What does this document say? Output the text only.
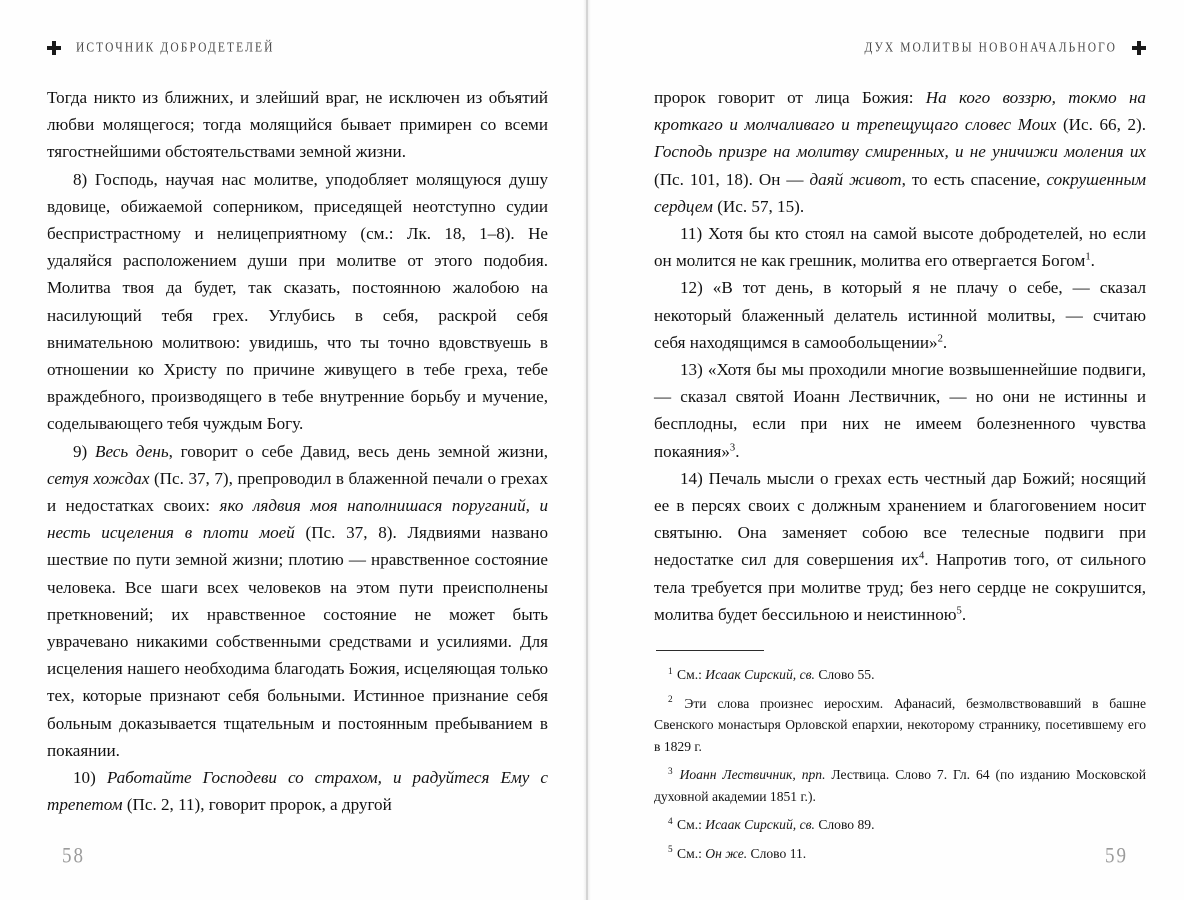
ИСТОЧНИК ДОБРОДЕТЕЛЕЙ

Тогда никто из ближних, и злейший враг, не исключен из объятий любви молящегося; тогда молящийся бывает примирен со всеми тягостнейшими обстоятельствами земной жизни.

8) Господь, научая нас молитве, уподобляет молящуюся душу вдовице, обижаемой соперником, приседящей неотступно судии беспристрастному и нелицеприятному (см.: Лк. 18, 1–8). Не удаляйся расположением души при молитве от этого подобия. Молитва твоя да будет, так сказать, постоянною жалобою на насилующий тебя грех. Углубись в себя, раскрой себя внимательною молитвою: увидишь, что ты точно вдовствуешь в отношении ко Христу по причине живущего в тебе греха, тебе враждебного, производящего в тебе внутренние борьбу и мучение, соделывающего тебя чуждым Богу.

9) Весь день, говорит о себе Давид, весь день земной жизни, сетуя хождах (Пс. 37, 7), препроводил в блаженной печали о грехах и недостатках своих: яко лядвия моя наполнишася поруганий, и несть исцеления в плоти моей (Пс. 37, 8). Лядвиями названо шествие по пути земной жизни; плотию — нравственное состояние человека. Все шаги всех человеков на этом пути преисполнены преткновений; их нравственное состояние не может быть уврачевано никакими собственными средствами и усилиями. Для исцеления нашего необходима благодать Божия, исцеляющая только тех, которые признают себя больными. Истинное признание себя больным доказывается тщательным и постоянным пребыванием в покаянии.

10) Работайте Господеви со страхом, и радуйтеся Ему с трепетом (Пс. 2, 11), говорит пророк, а другой

58
ДУХ МОЛИТВЫ НОВОНАЧАЛЬНОГО

пророк говорит от лица Божия: На кого воззрю, токмо на кроткаго и молчаливаго и трепещущаго словес Моих (Ис. 66, 2). Господь призре на молитву смиренных, и не уничижи моления их (Пс. 101, 18). Он — даяй живот, то есть спасение, сокрушенным сердцем (Ис. 57, 15).

11) Хотя бы кто стоял на самой высоте добродетелей, но если он молится не как грешник, молитва его отвергается Богом$^1$.

12) «В тот день, в который я не плачу о себе, — сказал некоторый блаженный делатель истинной молитвы, — считаю себя находящимся в самообольщении»$^2$.

13) «Хотя бы мы проходили многие возвышеннейшие подвиги, — сказал святой Иоанн Лествичник, — но они не истинны и бесплодны, если при них не имеем болезненного чувства покаяния»$^3$.

14) Печаль мысли о грехах есть честный дар Божий; носящий ее в персях своих с должным хранением и благоговением носит святыню. Она заменяет собою все телесные подвиги при недостатке сил для совершения $их^4$. Напротив того, от сильного тела требуется при молитве труд; без него сердце не сокрушится, молитва будет бессильною и неистинною$^5$.

$^1$ См.: Исаак Сирский, св. Слово 55.

$^2$ Эти слова произнес иеросхим. Афанасий, безмолвствовавший в башне Свенского монастыря Орловской епархии, некоторому страннику, посетившему его в 1829 г.

$^3$ Иоанн Лествичник, прп. Лествица. Слово 7. Гл. 64 (по изданию Московской духовной академии 1851 г.).

$^4$ См.: Исаак Сирский, св. Слово 89.

$^5$ См.: Он же. Слово 11.	59
